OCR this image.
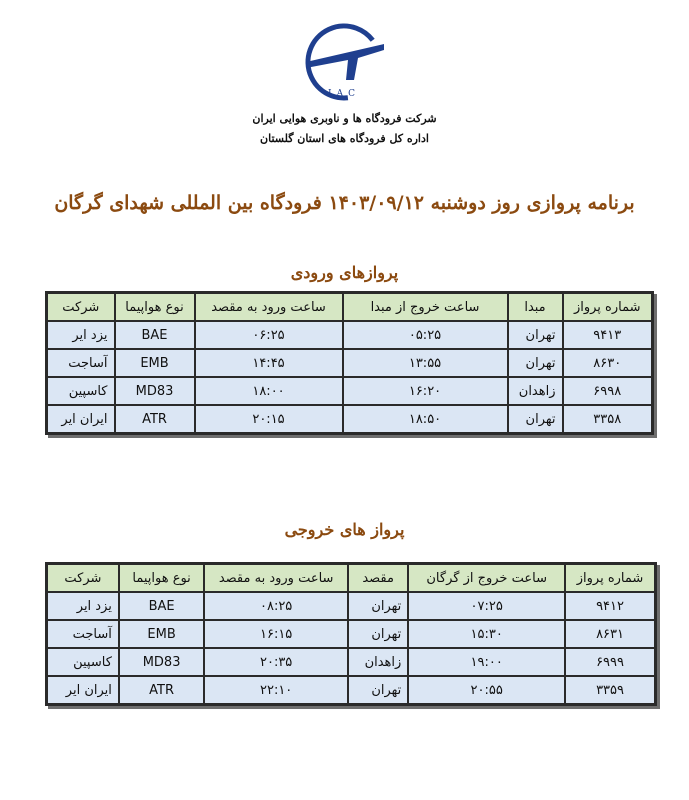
IAC
شرکت فرودگاه ها و ناوبری هوایی ایران
اداره کل فرودگاه های استان گلستان
برنامه پروازی روز دوشنبه ۱۴۰۳/۰۹/۱۲ فرودگاه بین المللی شهدای گرگان
پروازهای ورودی
شماره پرواز	مبدا	ساعت خروج از مبدا	ساعت ورود به مقصد	نوع هواپیما	شرکت
۹۴۱۳	تهران	۰۵:۲۵	۰۶:۲۵	BAE	یزد ایر
۸۶۳۰	تهران	۱۳:۵۵	۱۴:۴۵	EMB	آساجت
۶۹۹۸	زاهدان	۱۶:۲۰	۱۸:۰۰	MD83	کاسپین
۳۳۵۸	تهران	۱۸:۵۰	۲۰:۱۵	ATR	ایران ایر
پرواز های خروجی
شماره پرواز	ساعت خروج از گرگان	مقصد	ساعت ورود به مقصد	نوع هواپیما	شرکت
۹۴۱۲	۰۷:۲۵	تهران	۰۸:۲۵	BAE	یزد ایر
۸۶۳۱	۱۵:۳۰	تهران	۱۶:۱۵	EMB	آساجت
۶۹۹۹	۱۹:۰۰	زاهدان	۲۰:۳۵	MD83	کاسپین
۳۳۵۹	۲۰:۵۵	تهران	۲۲:۱۰	ATR	ایران ایر
